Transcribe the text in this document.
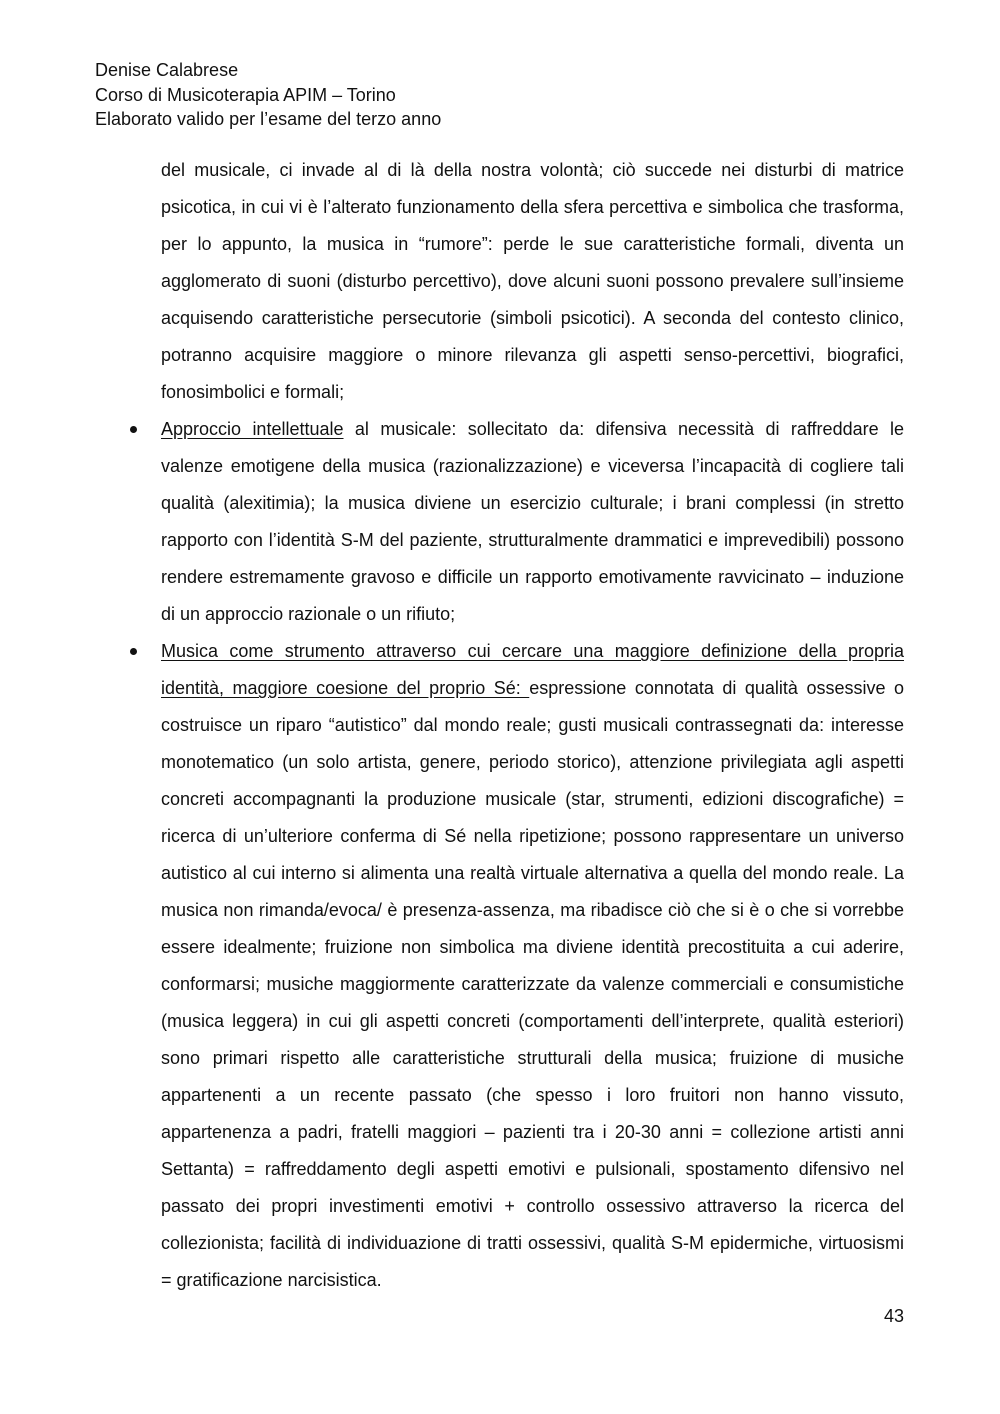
Denise Calabrese
Corso di Musicoterapia APIM – Torino
Elaborato valido per l’esame del terzo anno

del musicale, ci invade al di là della nostra volontà; ciò succede nei disturbi di matrice psicotica, in cui vi è l’alterato funzionamento della sfera percettiva e simbolica che trasforma, per lo appunto, la musica in “rumore”: perde le sue caratteristiche formali, diventa un agglomerato di suoni (disturbo percettivo), dove alcuni suoni possono prevalere sull’insieme acquisendo caratteristiche persecutorie (simboli psicotici). A seconda del contesto clinico, potranno acquisire maggiore o minore rilevanza gli aspetti senso-percettivi, biografici, fonosimbolici e formali;

Approccio intellettuale al musicale: sollecitato da: difensiva necessità di raffreddare le valenze emotigene della musica (razionalizzazione) e viceversa l’incapacità di cogliere tali qualità (alexitimia); la musica diviene un esercizio culturale; i brani complessi (in stretto rapporto con l’identità S-M del paziente, strutturalmente drammatici e imprevedibili) possono rendere estremamente gravoso e difficile un rapporto emotivamente ravvicinato – induzione di un approccio razionale o un rifiuto;

Musica come strumento attraverso cui cercare una maggiore definizione della propria identità, maggiore coesione del proprio Sé: espressione connotata di qualità ossessive o costruisce un riparo “autistico” dal mondo reale; gusti musicali contrassegnati da: interesse monotematico (un solo artista, genere, periodo storico), attenzione privilegiata agli aspetti concreti accompagnanti la produzione musicale (star, strumenti, edizioni discografiche) = ricerca di un’ulteriore conferma di Sé nella ripetizione; possono rappresentare un universo autistico al cui interno si alimenta una realtà virtuale alternativa a quella del mondo reale. La musica non rimanda/evoca/ è presenza-assenza, ma ribadisce ciò che si è o che si vorrebbe essere idealmente; fruizione non simbolica ma diviene identità precostituita a cui aderire, conformarsi; musiche maggiormente caratterizzate da valenze commerciali e consumistiche (musica leggera) in cui gli aspetti concreti (comportamenti dell’interprete, qualità esteriori) sono primari rispetto alle caratteristiche strutturali della musica; fruizione di musiche appartenenti a un recente passato (che spesso i loro fruitori non hanno vissuto, appartenenza a padri, fratelli maggiori – pazienti tra i 20-30 anni = collezione artisti anni Settanta) = raffreddamento degli aspetti emotivi e pulsionali, spostamento difensivo nel passato dei propri investimenti emotivi + controllo ossessivo attraverso la ricerca del collezionista; facilità di individuazione di tratti ossessivi, qualità S-M epidermiche, virtuosismi = gratificazione narcisistica.

43
